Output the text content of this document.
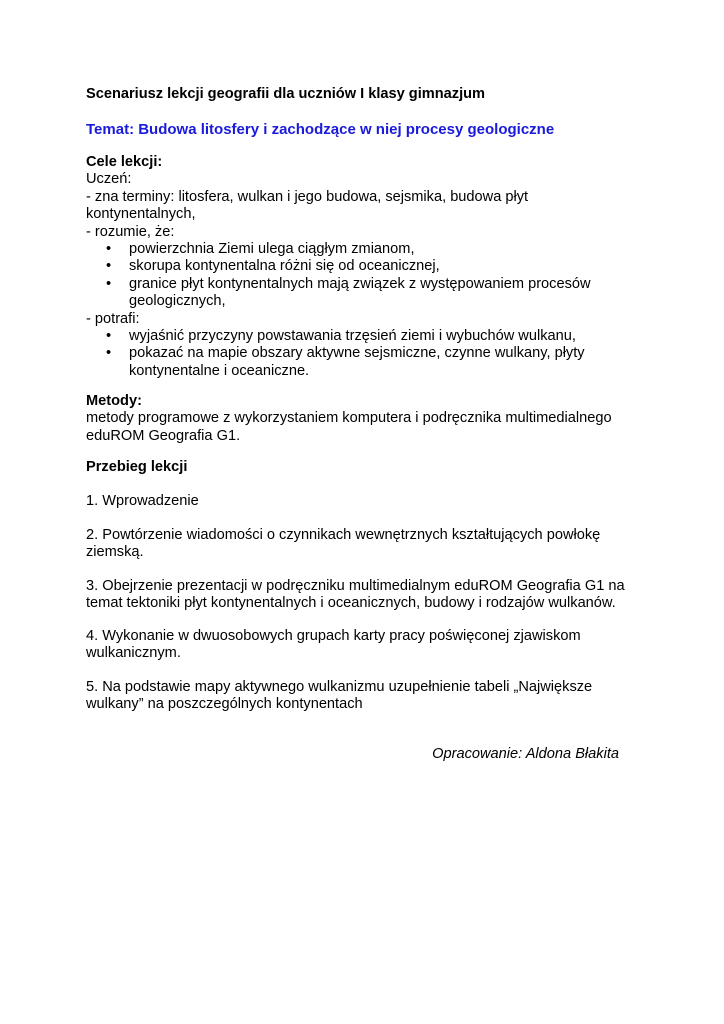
Scenariusz lekcji geografii dla uczniów I klasy gimnazjum

Temat: Budowa litosfery i zachodzące w niej procesy geologiczne

Cele lekcji:

Uczeń:

- zna terminy: litosfera, wulkan i jego budowa, sejsmika, budowa płyt kontynentalnych,

- rozumie, że:

• powierzchnia Ziemi ulega ciągłym zmianom,
• skorupa kontynentalna różni się od oceanicznej,
• granice płyt kontynentalnych mają związek z występowaniem procesów geologicznych,

- potrafi:

• wyjaśnić przyczyny powstawania trzęsień ziemi i wybuchów wulkanu,
• pokazać na mapie obszary aktywne sejsmiczne, czynne wulkany, płyty kontynentalne i oceaniczne.

Metody:

metody programowe z wykorzystaniem komputera i podręcznika multimedialnego eduROM Geografia G1.

Przebieg lekcji

1. Wprowadzenie

2. Powtórzenie wiadomości o czynnikach wewnętrznych kształtujących powłokę ziemską.

3. Obejrzenie prezentacji w podręczniku multimedialnym eduROM Geografia G1 na temat tektoniki płyt kontynentalnych i oceanicznych, budowy i rodzajów wulkanów.

4. Wykonanie w dwuosobowych grupach karty pracy poświęconej zjawiskom wulkanicznym.

5. Na podstawie mapy aktywnego wulkanizmu uzupełnienie tabeli „Największe wulkany” na poszczególnych kontynentach

Opracowanie: Aldona Błakita
